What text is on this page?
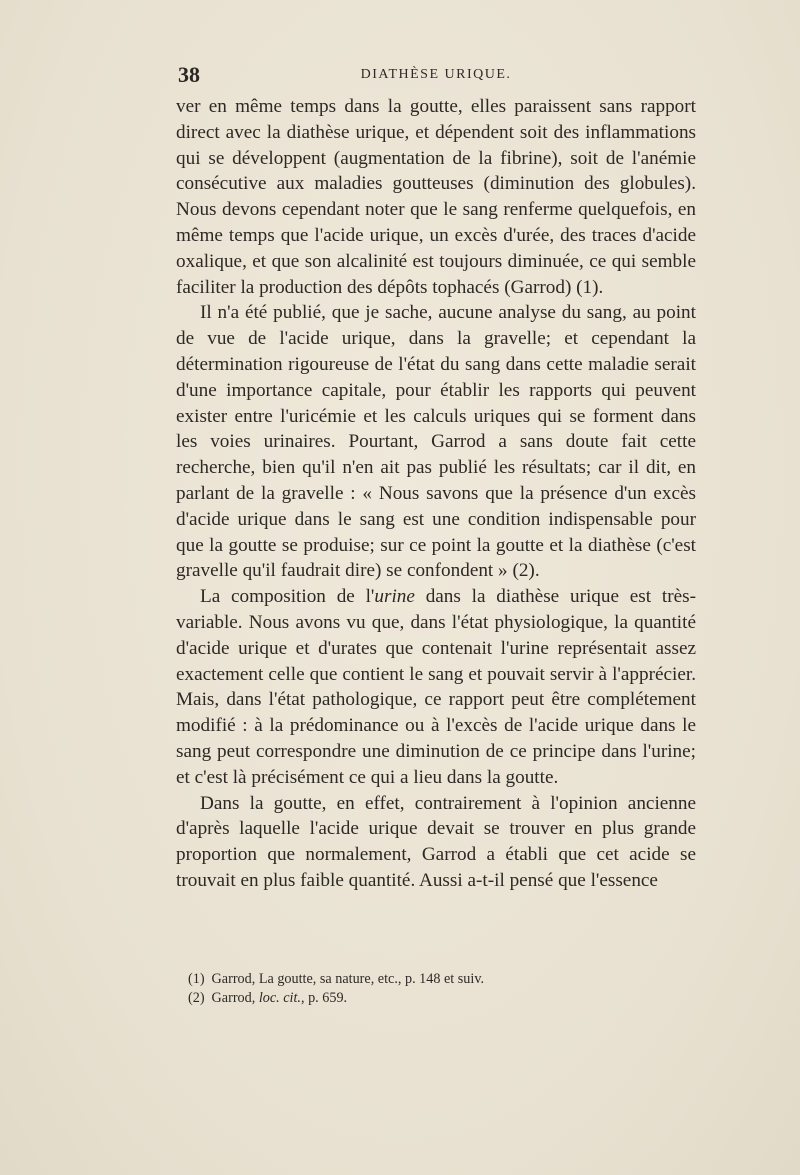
38	DIATHÈSE URIQUE.

ver en même temps dans la goutte, elles paraissent sans rapport direct avec la diathèse urique, et dépendent soit des inflammations qui se développent (augmentation de la fibrine), soit de l'anémie consécutive aux maladies goutteuses (diminution des globules). Nous devons cependant noter que le sang renferme quelquefois, en même temps que l'acide urique, un excès d'urée, des traces d'acide oxalique, et que son alcalinité est toujours diminuée, ce qui semble faciliter la production des dépôts tophacés (Garrod) (1).

Il n'a été publié, que je sache, aucune analyse du sang, au point de vue de l'acide urique, dans la gravelle; et cependant la détermination rigoureuse de l'état du sang dans cette maladie serait d'une importance capitale, pour établir les rapports qui peuvent exister entre l'uricémie et les calculs uriques qui se forment dans les voies urinaires. Pourtant, Garrod a sans doute fait cette recherche, bien qu'il n'en ait pas publié les résultats; car il dit, en parlant de la gravelle : « Nous savons que la présence d'un excès d'acide urique dans le sang est une condition indispensable pour que la goutte se produise; sur ce point la goutte et la diathèse (c'est gravelle qu'il faudrait dire) se confondent » (2).

La composition de l'urine dans la diathèse urique est très-variable. Nous avons vu que, dans l'état physiologique, la quantité d'acide urique et d'urates que contenait l'urine représentait assez exactement celle que contient le sang et pouvait servir à l'apprécier. Mais, dans l'état pathologique, ce rapport peut être complétement modifié : à la prédominance ou à l'excès de l'acide urique dans le sang peut correspondre une diminution de ce principe dans l'urine; et c'est là précisément ce qui a lieu dans la goutte.

Dans la goutte, en effet, contrairement à l'opinion ancienne d'après laquelle l'acide urique devait se trouver en plus grande proportion que normalement, Garrod a établi que cet acide se trouvait en plus faible quantité. Aussi a-t-il pensé que l'essence

(1) Garrod, La goutte, sa nature, etc., p. 148 et suiv.
(2) Garrod, loc. cit., p. 659.
